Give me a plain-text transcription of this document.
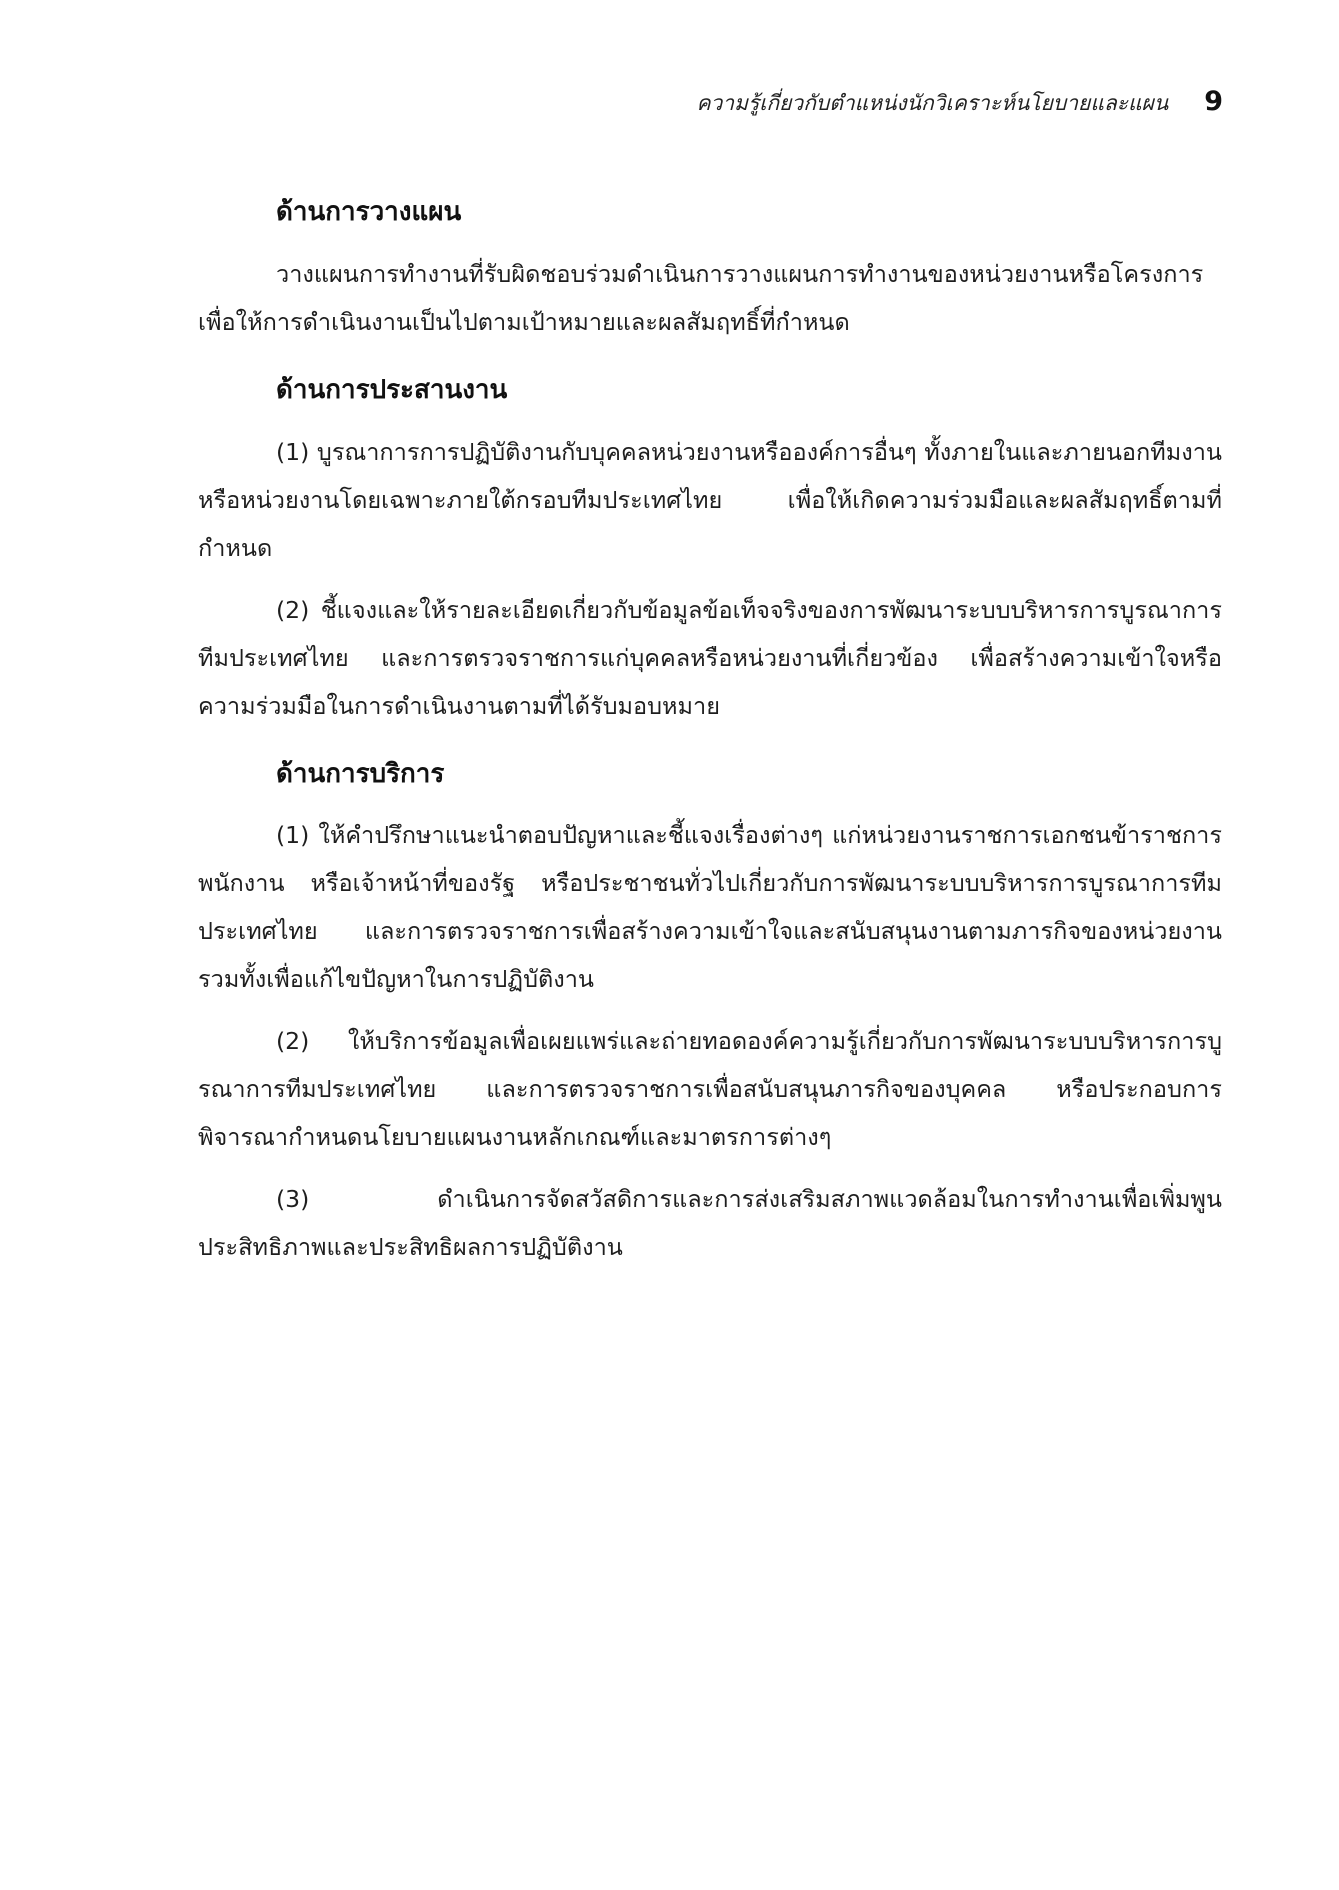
ความรู้เกี่ยวกับตำแหน่งนักวิเคราะห์นโยบายและแผน 9
ด้านการวางแผน

วางแผนการทำงานที่รับผิดชอบร่วมดำเนินการวางแผนการทำงานของหน่วยงานหรือโครงการ เพื่อให้การดำเนินงานเป็นไปตามเป้าหมายและผลสัมฤทธิ์ที่กำหนด

ด้านการประสานงาน

(1) บูรณาการการปฏิบัติงานกับบุคคลหน่วยงานหรือองค์การอื่นๆ ทั้งภายในและภายนอกทีมงานหรือหน่วยงานโดยเฉพาะภายใต้กรอบทีมประเทศไทย เพื่อให้เกิดความร่วมมือและผลสัมฤทธิ์ตามที่กำหนด

(2) ชี้แจงและให้รายละเอียดเกี่ยวกับข้อมูลข้อเท็จจริงของการพัฒนาระบบบริหารการบูรณาการทีมประเทศไทย และการตรวจราชการแก่บุคคลหรือหน่วยงานที่เกี่ยวข้อง เพื่อสร้างความเข้าใจหรือความร่วมมือในการดำเนินงานตามที่ได้รับมอบหมาย

ด้านการบริการ

(1) ให้คำปรึกษาแนะนำตอบปัญหาและชี้แจงเรื่องต่างๆ แก่หน่วยงานราชการเอกชนข้าราชการพนักงาน หรือเจ้าหน้าที่ของรัฐ หรือประชาชนทั่วไปเกี่ยวกับการพัฒนาระบบบริหารการบูรณาการทีมประเทศไทย และการตรวจราชการเพื่อสร้างความเข้าใจและสนับสนุนงานตามภารกิจของหน่วยงาน รวมทั้งเพื่อแก้ไขปัญหาในการปฏิบัติงาน

(2) ให้บริการข้อมูลเพื่อเผยแพร่และถ่ายทอดองค์ความรู้เกี่ยวกับการพัฒนาระบบบริหารการบูรณาการทีมประเทศไทย และการตรวจราชการเพื่อสนับสนุนภารกิจของบุคคล หรือประกอบการพิจารณากำหนดนโยบายแผนงานหลักเกณฑ์และมาตรการต่างๆ

(3) ดำเนินการจัดสวัสดิการและการส่งเสริมสภาพแวดล้อมในการทำงานเพื่อเพิ่มพูนประสิทธิภาพและประสิทธิผลการปฏิบัติงาน
